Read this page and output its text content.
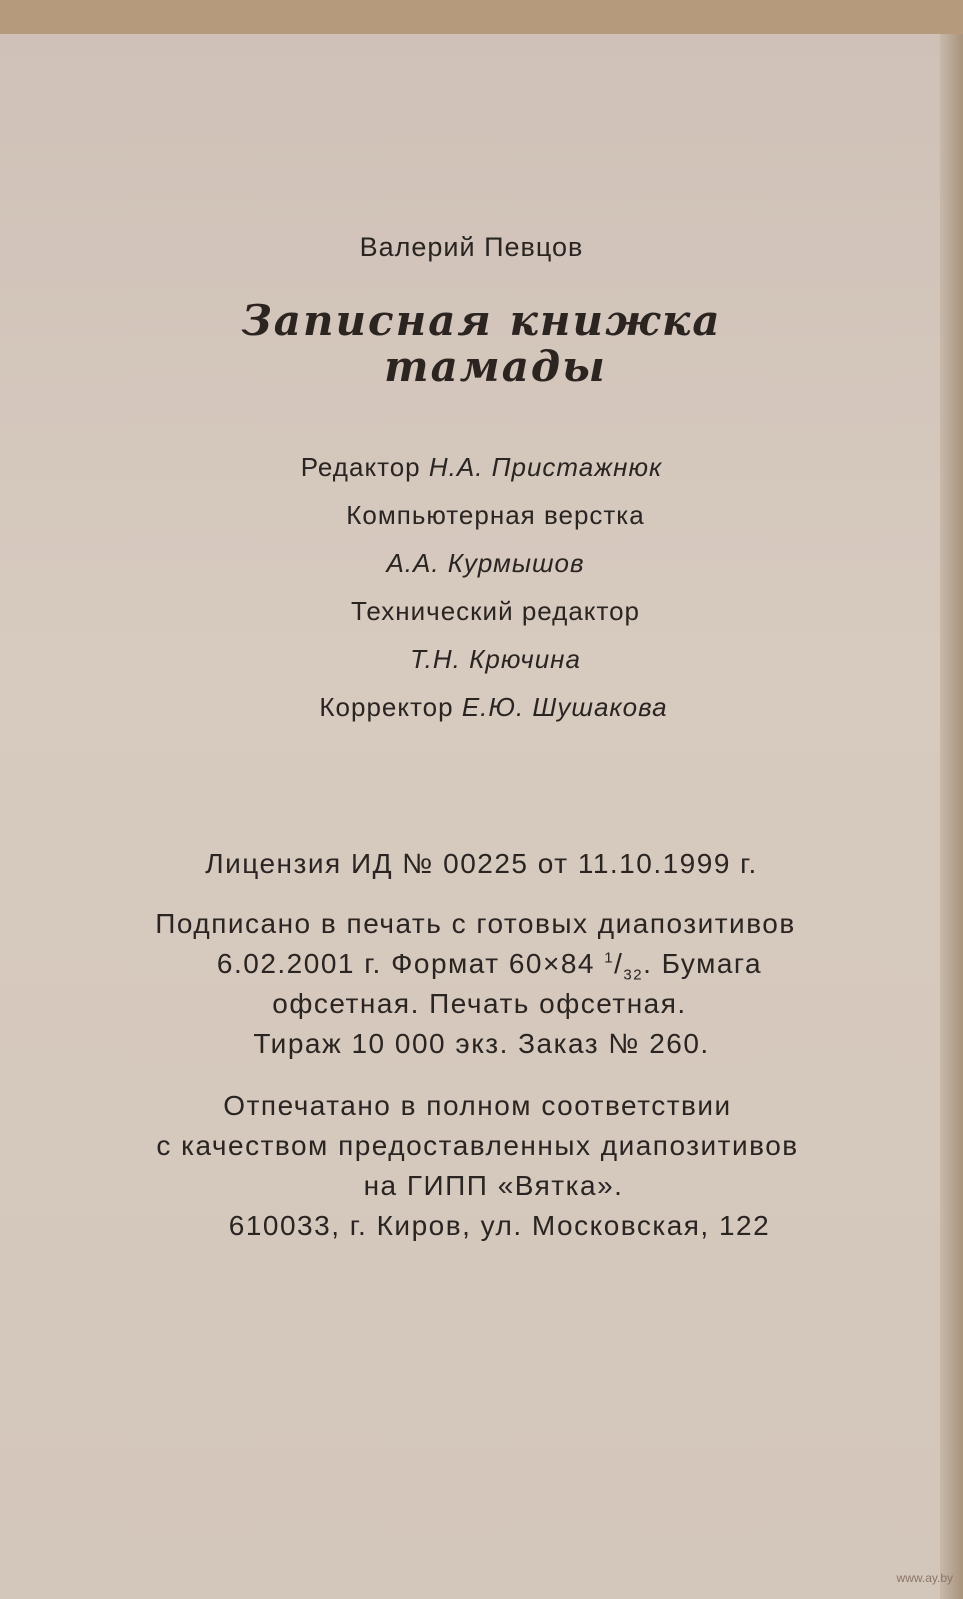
Валерий Певцов
Записная книжка
тамады
Редактор Н.А. Пристажнюк
Компьютерная верстка
А.А. Курмышов
Технический редактор
Т.Н. Крючина
Корректор Е.Ю. Шушакова
Лицензия ИД № 00225 от 11.10.1999 г.
Подписано в печать с готовых диапозитивов
6.02.2001 г. Формат 60×84 $^1/_{32}$. Бумага
офсетная. Печать офсетная.
Тираж 10 000 экз. Заказ № 260.
Отпечатано в полном соответствии
с качеством предоставленных диапозитивов
на ГИПП «Вятка».
610033, г. Киров, ул. Московская, 122
www.ay.by
